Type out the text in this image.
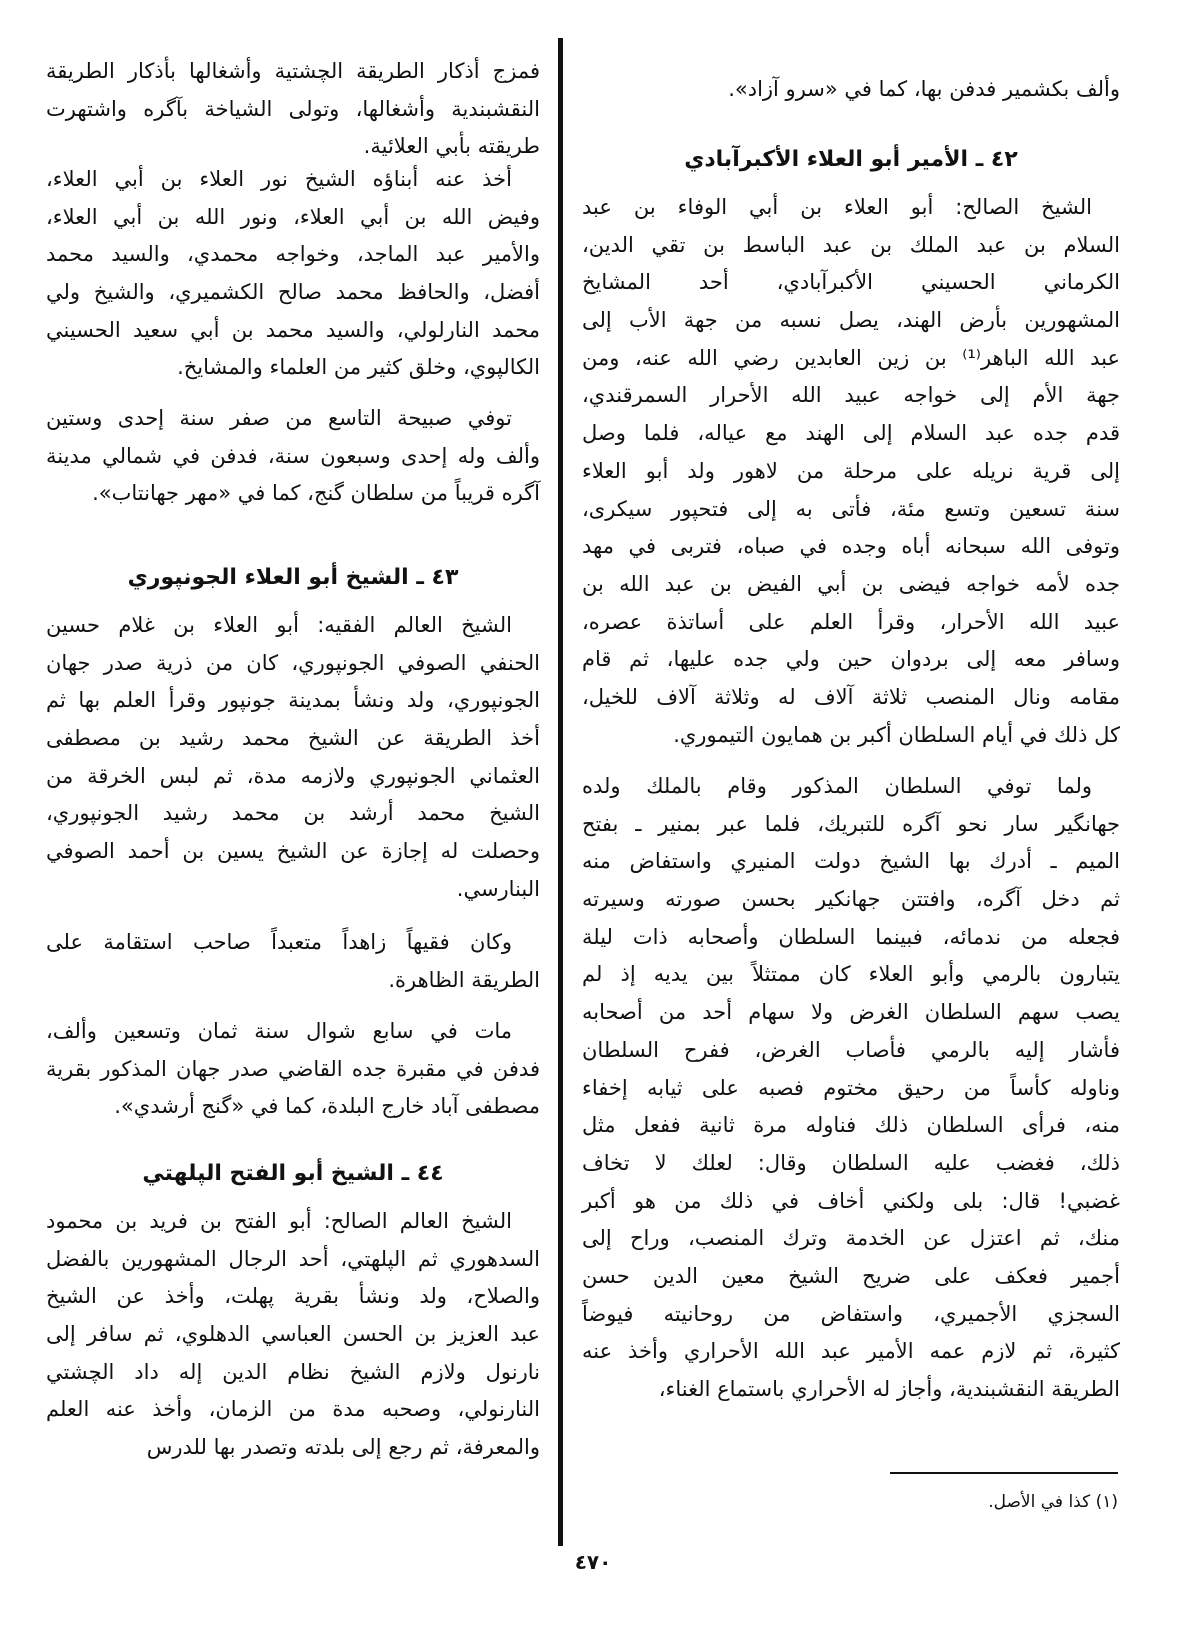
وألف بكشمير فدفن بها، كما في «سرو آزاد».
٤٢ ـ الأمير أبو العلاء الأكبرآبادي
الشيخ الصالح: أبو العلاء بن أبي الوفاء بن عبد
السلام بن عبد الملك بن عبد الباسط بن تقي الدين،
الكرماني الحسيني الأكبرآبادي، أحد المشايخ
المشهورين بأرض الهند، يصل نسبه من جهة الأب إلى
عبد الله الباهر⁽¹⁾ بن زين العابدين رضي الله عنه، ومن
جهة الأم إلى خواجه عبيد الله الأحرار السمرقندي،
قدم جده عبد السلام إلى الهند مع عياله، فلما وصل
إلى قرية نريله على مرحلة من لاهور ولد أبو العلاء
سنة تسعين وتسع مئة، فأتى به إلى فتحپور سيكرى،
وتوفى الله سبحانه أباه وجده في صباه، فتربى في مهد
جده لأمه خواجه فيضى بن أبي الفيض بن عبد الله بن
عبيد الله الأحرار، وقرأ العلم على أساتذة عصره،
وسافر معه إلى بردوان حين ولي جده عليها، ثم قام
مقامه ونال المنصب ثلاثة آلاف له وثلاثة آلاف للخيل،
كل ذلك في أيام السلطان أكبر بن همايون التيموري.
ولما توفي السلطان المذكور وقام بالملك ولده
جهانگير سار نحو آگره للتبريك، فلما عبر بمنير ـ بفتح
الميم ـ أدرك بها الشيخ دولت المنيري واستفاض منه
ثم دخل آگره، وافتتن جهانكير بحسن صورته وسيرته
فجعله من ندمائه، فبينما السلطان وأصحابه ذات ليلة
يتبارون بالرمي وأبو العلاء كان ممتثلاً بين يديه إذ لم
يصب سهم السلطان الغرض ولا سهام أحد من أصحابه
فأشار إليه بالرمي فأصاب الغرض، ففرح السلطان
وناوله كأساً من رحيق مختوم فصبه على ثيابه إخفاء
منه، فرأى السلطان ذلك فناوله مرة ثانية ففعل مثل
ذلك، فغضب عليه السلطان وقال: لعلك لا تخاف
غضبي! قال: بلى ولكني أخاف في ذلك من هو أكبر
منك، ثم اعتزل عن الخدمة وترك المنصب، وراح إلى
أجمير فعكف على ضريح الشيخ معين الدين حسن
السجزي الأجميري، واستفاض من روحانيته فيوضاً
كثيرة، ثم لازم عمه الأمير عبد الله الأحراري وأخذ عنه
الطريقة النقشبندية، وأجاز له الأحراري باستماع الغناء،
فمزج أذكار الطريقة الچشتية وأشغالها بأذكار الطريقة
النقشبندية وأشغالها، وتولى الشياخة بآگره واشتهرت
طريقته بأبي العلائية.
أخذ عنه أبناؤه الشيخ نور العلاء بن أبي العلاء،
وفيض الله بن أبي العلاء، ونور الله بن أبي العلاء،
والأمير عبد الماجد، وخواجه محمدي، والسيد محمد
أفضل، والحافظ محمد صالح الكشميري، والشيخ ولي
محمد النارلولي، والسيد محمد بن أبي سعيد الحسيني
الكالپوي، وخلق كثير من العلماء والمشايخ.
توفي صبيحة التاسع من صفر سنة إحدى وستين
وألف وله إحدى وسبعون سنة، فدفن في شمالي مدينة
آگره قريباً من سلطان گنج، كما في «مهر جهانتاب».
٤٣ ـ الشيخ أبو العلاء الجونپوري
الشيخ العالم الفقيه: أبو العلاء بن غلام حسين
الحنفي الصوفي الجونپوري، كان من ذرية صدر جهان
الجونپوري، ولد ونشأ بمدينة جونپور وقرأ العلم بها ثم
أخذ الطريقة عن الشيخ محمد رشيد بن مصطفى
العثماني الجونپوري ولازمه مدة، ثم لبس الخرقة من
الشيخ محمد أرشد بن محمد رشيد الجونپوري،
وحصلت له إجازة عن الشيخ يسين بن أحمد الصوفي
البنارسي.
وكان فقيهاً زاهداً متعبداً صاحب استقامة على
الطريقة الظاهرة.
مات في سابع شوال سنة ثمان وتسعين وألف،
فدفن في مقبرة جده القاضي صدر جهان المذكور بقرية
مصطفى آباد خارج البلدة، كما في «گنج أرشدي».
٤٤ ـ الشيخ أبو الفتح الپلهتي
الشيخ العالم الصالح: أبو الفتح بن فريد بن محمود
السدهوري ثم الپلهتي، أحد الرجال المشهورين بالفضل
والصلاح، ولد ونشأ بقرية پهلت، وأخذ عن الشيخ
عبد العزيز بن الحسن العباسي الدهلوي، ثم سافر إلى
نارنول ولازم الشيخ نظام الدين إله داد الچشتي
النارنولي، وصحبه مدة من الزمان، وأخذ عنه العلم
والمعرفة، ثم رجع إلى بلدته وتصدر بها للدرس
(١) كذا في الأصل.
٤٧٠
